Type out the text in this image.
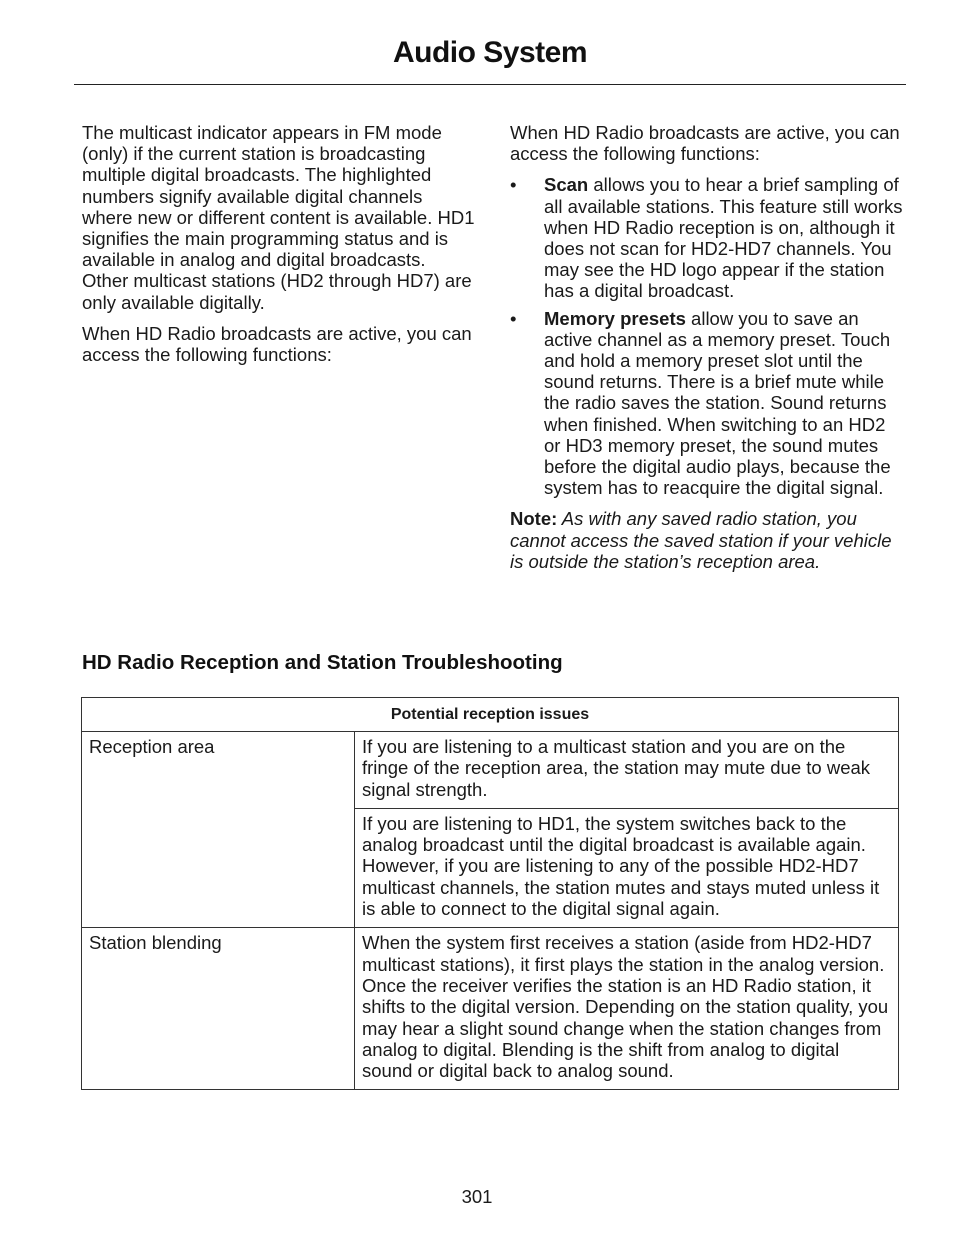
Audio System

The multicast indicator appears in FM mode (only) if the current station is broadcasting multiple digital broadcasts. The highlighted numbers signify available digital channels where new or different content is available. HD1 signifies the main programming status and is available in analog and digital broadcasts. Other multicast stations (HD2 through HD7) are only available digitally.

When HD Radio broadcasts are active, you can access the following functions:

When HD Radio broadcasts are active, you can access the following functions:

• Scan allows you to hear a brief sampling of all available stations. This feature still works when HD Radio reception is on, although it does not scan for HD2-HD7 channels. You may see the HD logo appear if the station has a digital broadcast.
• Memory presets allow you to save an active channel as a memory preset. Touch and hold a memory preset slot until the sound returns. There is a brief mute while the radio saves the station. Sound returns when finished. When switching to an HD2 or HD3 memory preset, the sound mutes before the digital audio plays, because the system has to reacquire the digital signal.

Note: As with any saved radio station, you cannot access the saved station if your vehicle is outside the station’s reception area.

HD Radio Reception and Station Troubleshooting
Potential reception issues	
Reception area	If you are listening to a multicast station and you are on the fringe of the reception area, the station may mute due to weak signal strength.
	If you are listening to HD1, the system switches back to the analog broadcast until the digital broadcast is available again. However, if you are listening to any of the possible HD2-HD7 multicast channels, the station mutes and stays muted unless it is able to connect to the digital signal again.
Station blending	When the system first receives a station (aside from HD2-HD7 multicast stations), it first plays the station in the analog version. Once the receiver verifies the station is an HD Radio station, it shifts to the digital version. Depending on the station quality, you may hear a slight sound change when the station changes from analog to digital. Blending is the shift from analog to digital sound or digital back to analog sound.
301
